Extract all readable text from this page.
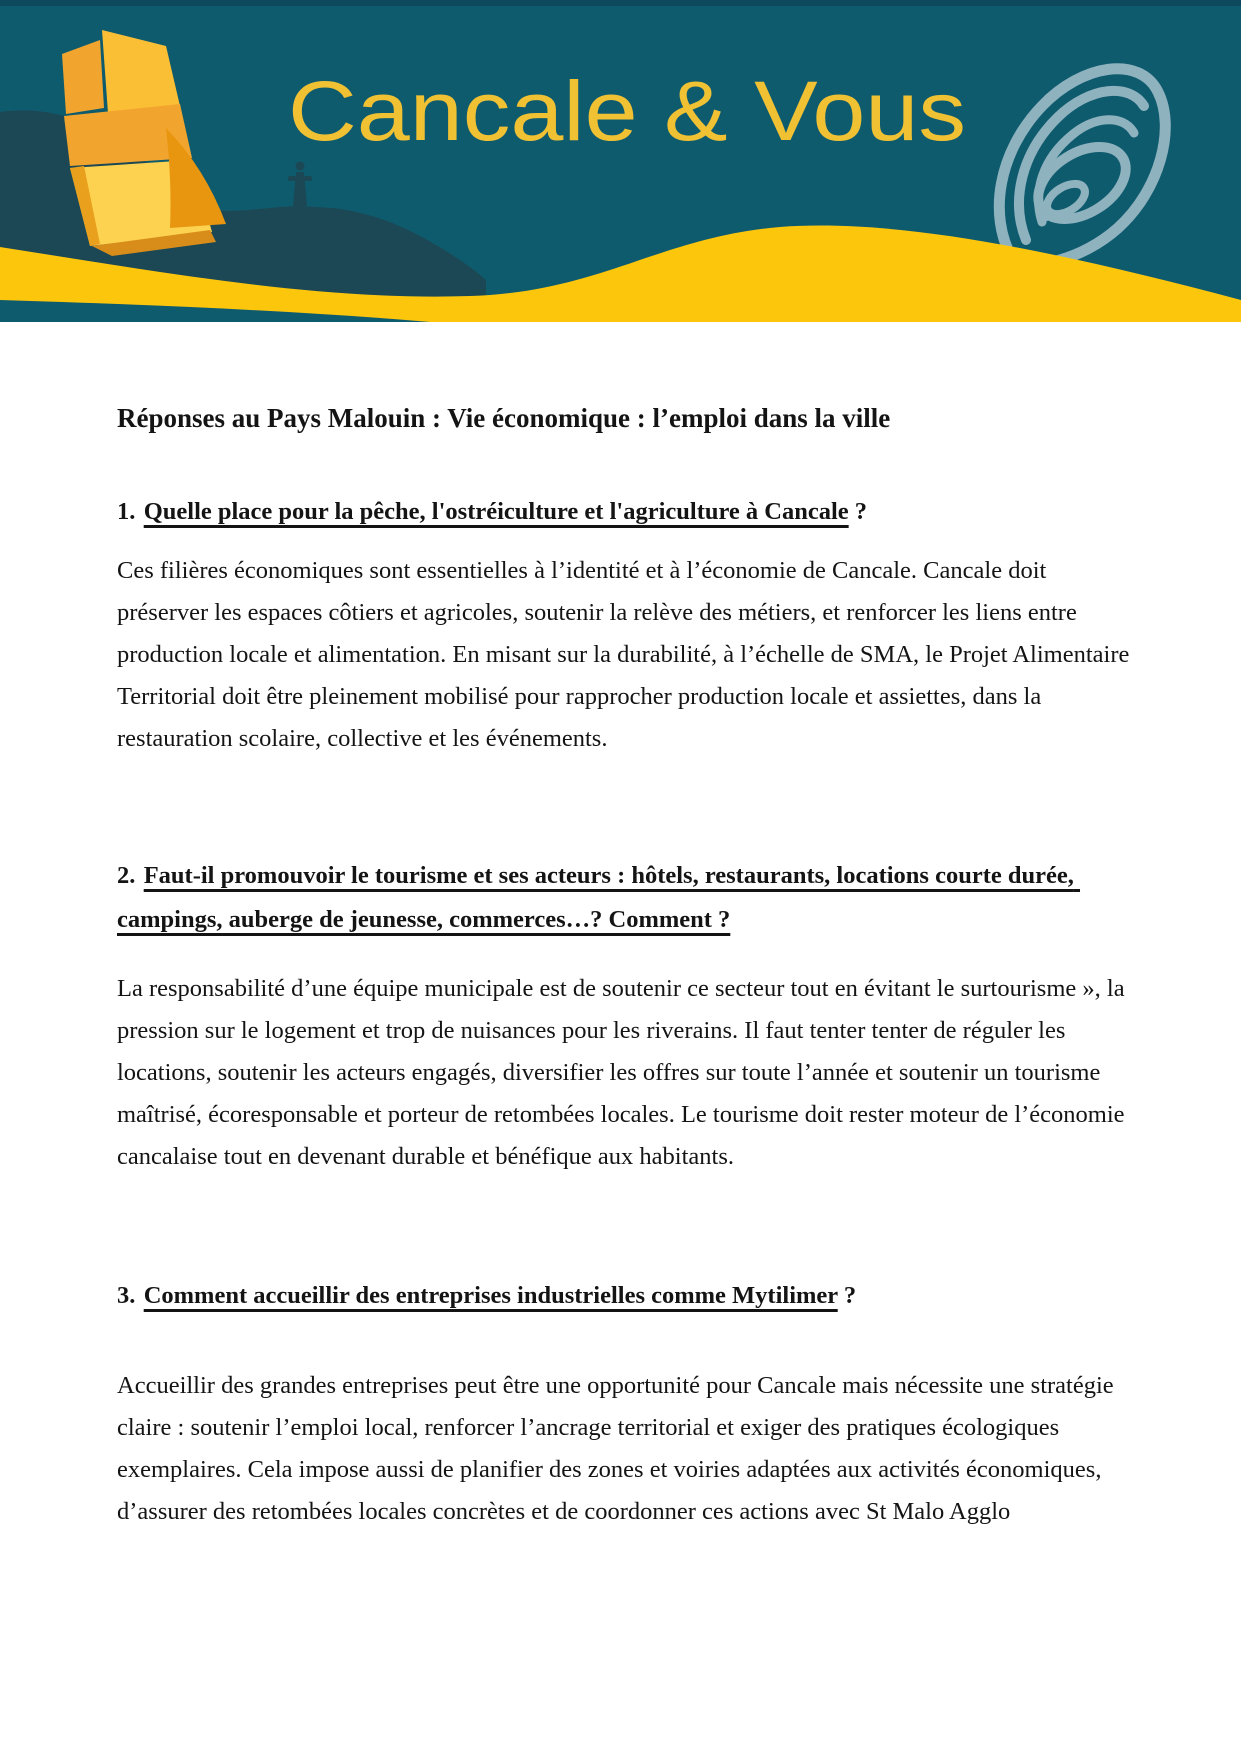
Cancale & Vous
Réponses au Pays Malouin : Vie économique : l’emploi dans la ville
1. Quelle place pour la pêche, l'ostréiculture et l'agriculture à Cancale ?

Ces filières économiques sont essentielles à l’identité et à l’économie de Cancale. Cancale doit préserver les espaces côtiers et agricoles, soutenir la relève des métiers, et renforcer les liens entre production locale et alimentation. En misant sur la durabilité, à l’échelle de SMA, le Projet Alimentaire Territorial doit être pleinement mobilisé pour rapprocher production locale et assiettes, dans la restauration scolaire, collective et les événements.

2. Faut-il promouvoir le tourisme et ses acteurs : hôtels, restaurants, locations courte durée, campings, auberge de jeunesse, commerces…? Comment ?

La responsabilité d’une équipe municipale est de soutenir ce secteur tout en évitant le surtourisme », la pression sur le logement et trop de nuisances pour les riverains. Il faut tenter tenter de réguler les locations, soutenir les acteurs engagés, diversifier les offres sur toute l’année et soutenir un tourisme maîtrisé, écoresponsable et porteur de retombées locales. Le tourisme doit rester moteur de l’économie cancalaise tout en devenant durable et bénéfique aux habitants.

3. Comment accueillir des entreprises industrielles comme Mytilimer ?

Accueillir des grandes entreprises peut être une opportunité pour Cancale mais nécessite une stratégie claire : soutenir l’emploi local, renforcer l’ancrage territorial et exiger des pratiques écologiques exemplaires. Cela impose aussi de planifier des zones et voiries adaptées aux activités économiques,  d’assurer des retombées locales concrètes et de coordonner ces actions avec St Malo Agglo
